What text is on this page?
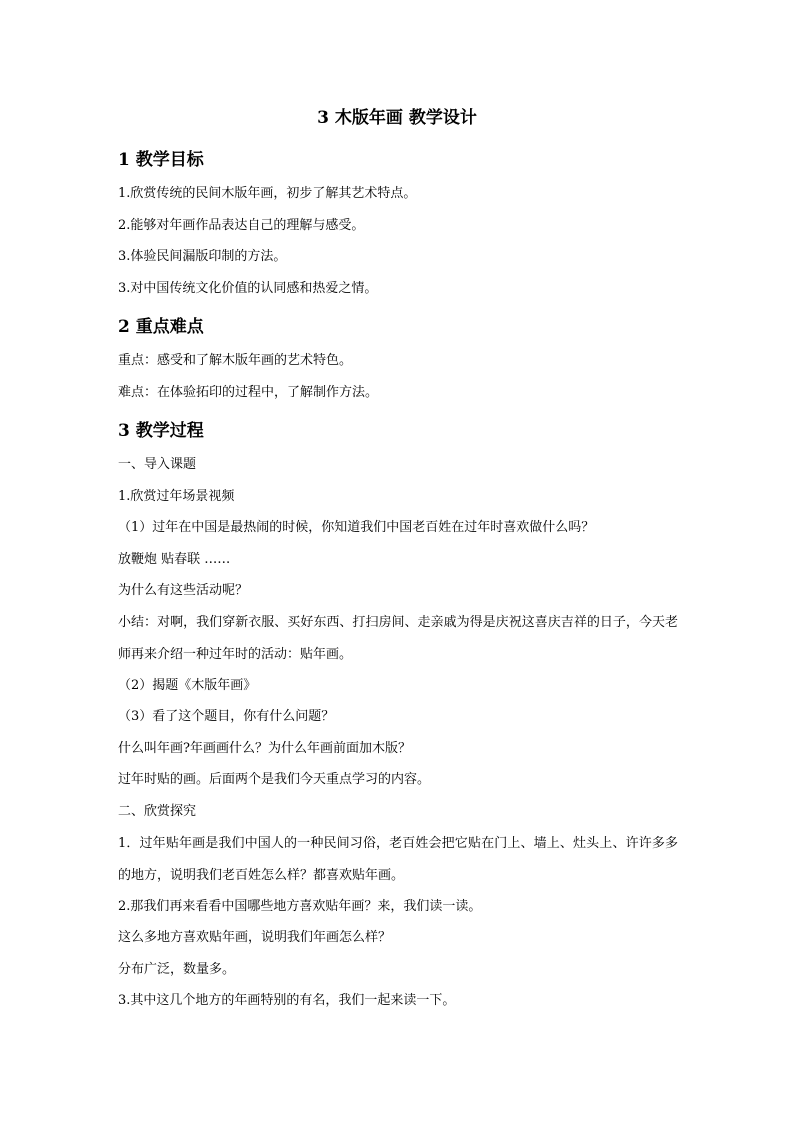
3 木版年画 教学设计
1 教学目标
1.欣赏传统的民间木版年画，初步了解其艺术特点。
2.能够对年画作品表达自己的理解与感受。
3.体验民间漏版印制的方法。
3.对中国传统文化价值的认同感和热爱之情。
2 重点难点
重点：感受和了解木版年画的艺术特色。
难点：在体验拓印的过程中，了解制作方法。
3 教学过程
一、导入课题
1.欣赏过年场景视频
（1）过年在中国是最热闹的时候，你知道我们中国老百姓在过年时喜欢做什么吗？
放鞭炮 贴春联 ……
为什么有这些活动呢？
小结：对啊，我们穿新衣服、买好东西、打扫房间、走亲戚为得是庆祝这喜庆吉祥的日子，今天老师再来介绍一种过年时的活动：贴年画。
（2）揭题《木版年画》
（3）看了这个题目，你有什么问题？
什么叫年画?年画画什么？为什么年画前面加木版？
过年时贴的画。后面两个是我们今天重点学习的内容。
二、欣赏探究
1．过年贴年画是我们中国人的一种民间习俗，老百姓会把它贴在门上、墙上、灶头上、许许多多的地方，说明我们老百姓怎么样？都喜欢贴年画。
2.那我们再来看看中国哪些地方喜欢贴年画？来，我们读一读。
这么多地方喜欢贴年画，说明我们年画怎么样？
分布广泛，数量多。
3.其中这几个地方的年画特别的有名，我们一起来读一下。
